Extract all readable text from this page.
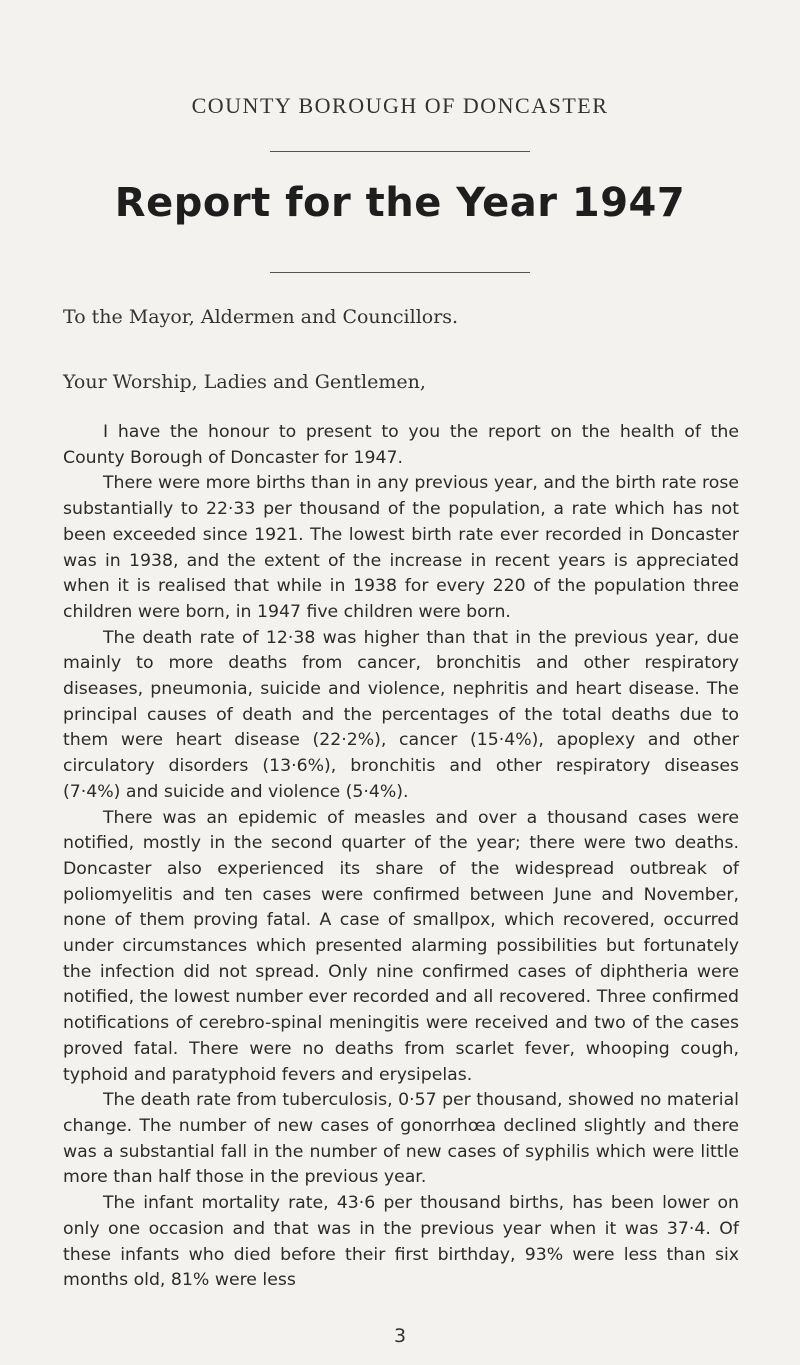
COUNTY BOROUGH OF DONCASTER
Report for the Year 1947
To the Mayor, Aldermen and Councillors.
Your Worship, Ladies and Gentlemen,

I have the honour to present to you the report on the health of the County Borough of Doncaster for 1947.

There were more births than in any previous year, and the birth rate rose substantially to 22·33 per thousand of the population, a rate which has not been exceeded since 1921. The lowest birth rate ever recorded in Doncaster was in 1938, and the extent of the increase in recent years is appreciated when it is realised that while in 1938 for every 220 of the population three children were born, in 1947 five children were born.

The death rate of 12·38 was higher than that in the previous year, due mainly to more deaths from cancer, bronchitis and other respiratory diseases, pneumonia, suicide and violence, nephritis and heart disease. The principal causes of death and the percentages of the total deaths due to them were heart disease (22·2%), cancer (15·4%), apoplexy and other circulatory disorders (13·6%), bronchitis and other respiratory diseases (7·4%) and suicide and violence (5·4%).

There was an epidemic of measles and over a thousand cases were notified, mostly in the second quarter of the year; there were two deaths. Doncaster also experienced its share of the widespread outbreak of poliomyelitis and ten cases were confirmed between June and November, none of them proving fatal. A case of smallpox, which recovered, occurred under circumstances which presented alarming possibilities but fortunately the infection did not spread. Only nine confirmed cases of diphtheria were notified, the lowest number ever recorded and all recovered. Three confirmed notifications of cerebro-spinal meningitis were received and two of the cases proved fatal. There were no deaths from scarlet fever, whooping cough, typhoid and paratyphoid fevers and erysipelas.

The death rate from tuberculosis, 0·57 per thousand, showed no material change. The number of new cases of gonorrhœa declined slightly and there was a substantial fall in the number of new cases of syphilis which were little more than half those in the previous year.

The infant mortality rate, 43·6 per thousand births, has been lower on only one occasion and that was in the previous year when it was 37·4. Of these infants who died before their first birthday, 93% were less than six months old, 81% were less

3
